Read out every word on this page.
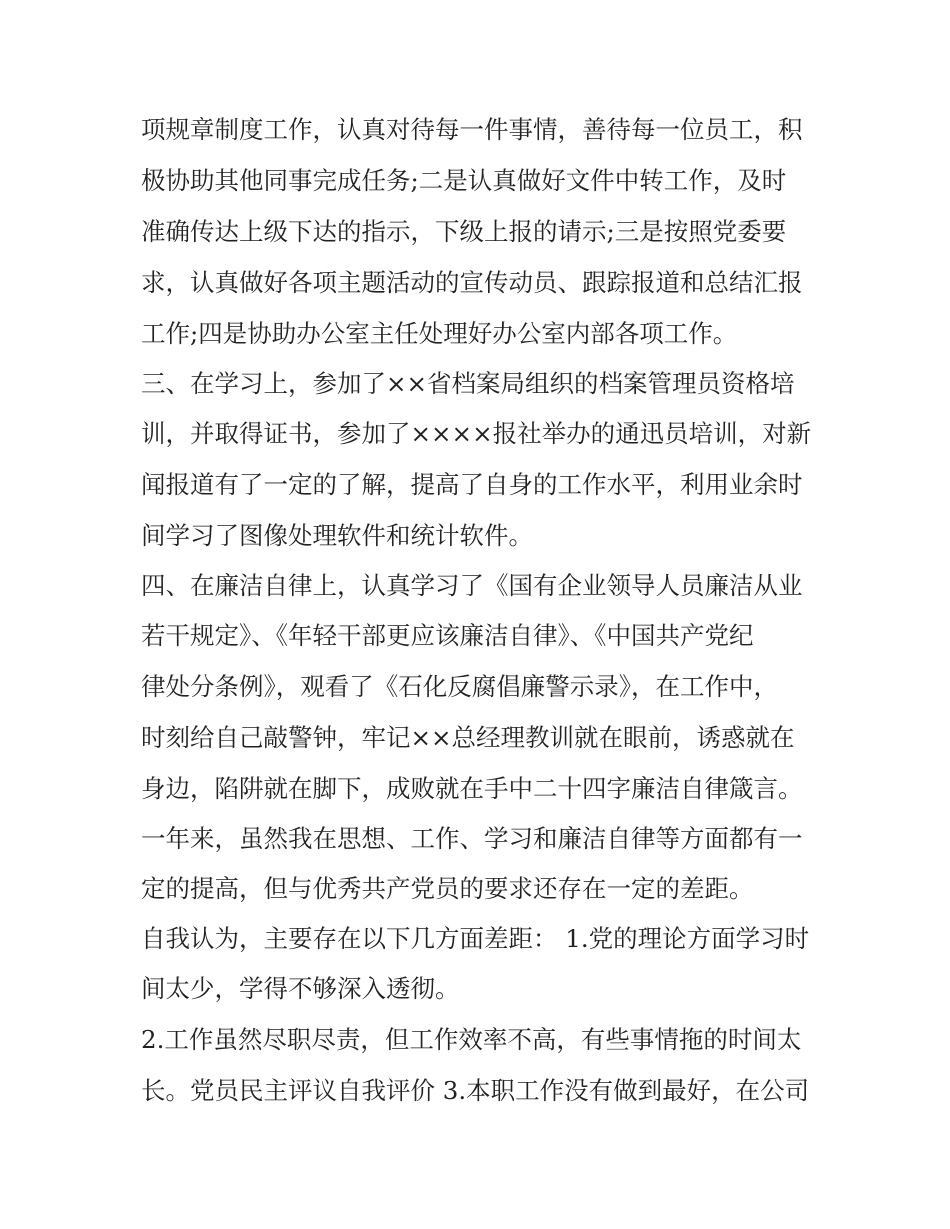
项规章制度工作，认真对待每一件事情，善待每一位员工，积
极协助其他同事完成任务;二是认真做好文件中转工作，及时
准确传达上级下达的指示，下级上报的请示;三是按照党委要
求，认真做好各项主题活动的宣传动员、跟踪报道和总结汇报
工作;四是协助办公室主任处理好办公室内部各项工作。
三、在学习上，参加了××省档案局组织的档案管理员资格培
训，并取得证书，参加了××××报社举办的通迅员培训，对新
闻报道有了一定的了解，提高了自身的工作水平，利用业余时
间学习了图像处理软件和统计软件。
四、在廉洁自律上，认真学习了《国有企业领导人员廉洁从业
若干规定》、《年轻干部更应该廉洁自律》、《中国共产党纪
律处分条例》，观看了《石化反腐倡廉警示录》，在工作中，
时刻给自己敲警钟，牢记××总经理教训就在眼前，诱惑就在
身边，陷阱就在脚下，成败就在手中二十四字廉洁自律箴言。
一年来，虽然我在思想、工作、学习和廉洁自律等方面都有一
定的提高，但与优秀共产党员的要求还存在一定的差距。
自我认为，主要存在以下几方面差距： 1.党的理论方面学习时
间太少，学得不够深入透彻。
2.工作虽然尽职尽责，但工作效率不高，有些事情拖的时间太
长。党员民主评议自我评价 3.本职工作没有做到最好，在公司
